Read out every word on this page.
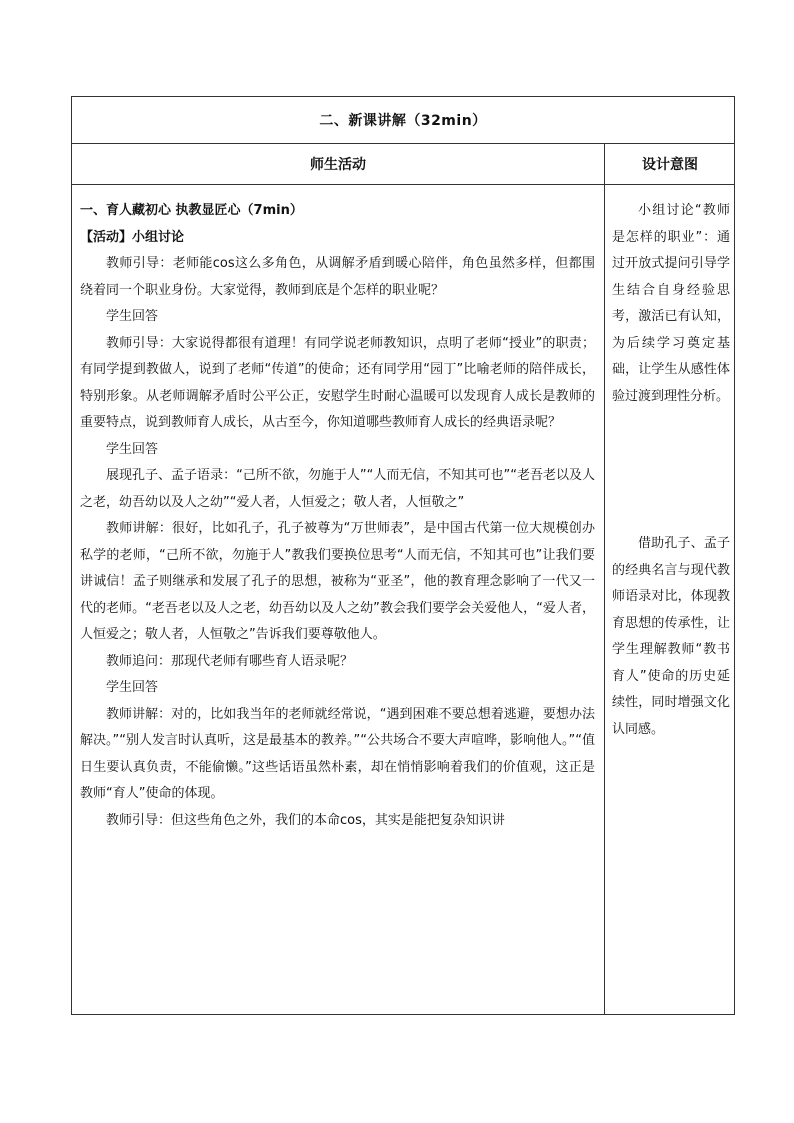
二、新课讲解（32min）
师生活动	设计意图

一、育人藏初心 执教显匠心（7min）

【活动】小组讨论

教师引导：老师能cos这么多角色，从调解矛盾到暖心陪伴，角色虽然多样，但都围绕着同一个职业身份。大家觉得，教师到底是个怎样的职业呢？

学生回答

教师引导：大家说得都很有道理！有同学说老师教知识，点明了老师“授业”的职责；有同学提到教做人，说到了老师“传道”的使命；还有同学用“园丁”比喻老师的陪伴成长，特别形象。从老师调解矛盾时公平公正，安慰学生时耐心温暖可以发现育人成长是教师的重要特点，说到教师育人成长，从古至今，你知道哪些教师育人成长的经典语录呢？

学生回答

展现孔子、孟子语录：“己所不欲，勿施于人”“人而无信，不知其可也”“老吾老以及人之老，幼吾幼以及人之幼”“爱人者，人恒爱之；敬人者，人恒敬之”

教师讲解：很好，比如孔子，孔子被尊为“万世师表”，是中国古代第一位大规模创办私学的老师，“己所不欲，勿施于人”教我们要换位思考“人而无信，不知其可也”让我们要讲诚信！孟子则继承和发展了孔子的思想，被称为“亚圣”，他的教育理念影响了一代又一代的老师。“老吾老以及人之老，幼吾幼以及人之幼”教会我们要学会关爱他人，“爱人者，人恒爱之；敬人者，人恒敬之”告诉我们要尊敬他人。

教师追问：那现代老师有哪些育人语录呢？

学生回答

教师讲解：对的，比如我当年的老师就经常说，“遇到困难不要总想着逃避，要想办法解决。”“别人发言时认真听，这是最基本的教养。”“公共场合不要大声喧哗，影响他人。”“值日生要认真负责，不能偷懒。”这些话语虽然朴素，却在悄悄影响着我们的价值观，这正是教师“育人”使命的体现。

教师引导：但这些角色之外，我们的本命cos，其实是能把复杂知识讲

小组讨论“教师是怎样的职业”：通过开放式提问引导学生结合自身经验思考，激活已有认知，为后续学习奠定基础，让学生从感性体验过渡到理性分析。

借助孔子、孟子的经典名言与现代教师语录对比，体现教育思想的传承性，让学生理解教师“教书育人”使命的历史延续性，同时增强文化认同感。
